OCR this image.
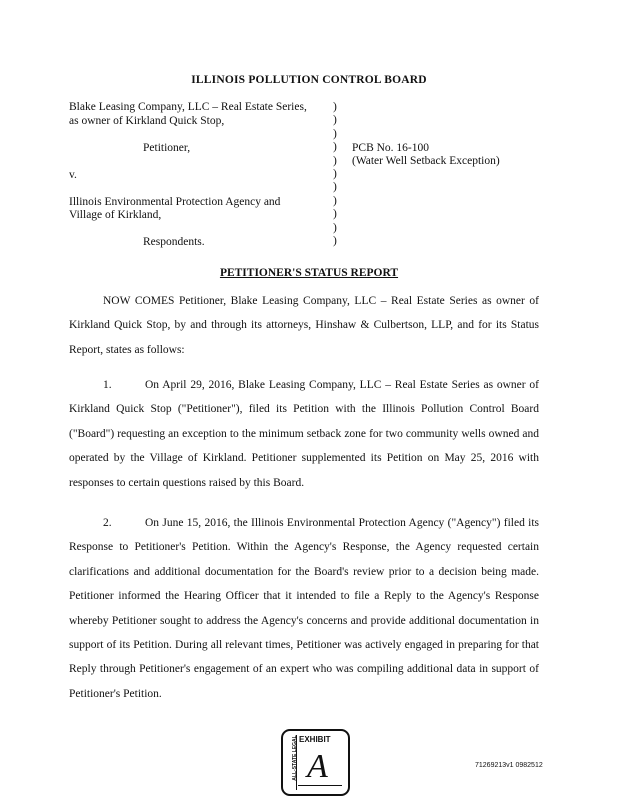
ILLINOIS POLLUTION CONTROL BOARD
Blake Leasing Company, LLC – Real Estate Series,
as owner of Kirkland Quick Stop,
Petitioner,
v.
Illinois Environmental Protection Agency and
Village of Kirkland,
Respondents.
)
)
)
)
)
)
)
)
)
)
)
PCB No. 16-100
(Water Well Setback Exception)
PETITIONER'S STATUS REPORT
NOW COMES Petitioner, Blake Leasing Company, LLC – Real Estate Series as owner of Kirkland Quick Stop, by and through its attorneys, Hinshaw & Culbertson, LLP, and for its Status Report, states as follows:
1.	On April 29, 2016, Blake Leasing Company, LLC – Real Estate Series as owner of Kirkland Quick Stop ("Petitioner"), filed its Petition with the Illinois Pollution Control Board ("Board") requesting an exception to the minimum setback zone for two community wells owned and operated by the Village of Kirkland. Petitioner supplemented its Petition on May 25, 2016 with responses to certain questions raised by this Board.
2.	On June 15, 2016, the Illinois Environmental Protection Agency ("Agency") filed its Response to Petitioner's Petition. Within the Agency's Response, the Agency requested certain clarifications and additional documentation for the Board's review prior to a decision being made. Petitioner informed the Hearing Officer that it intended to file a Reply to the Agency's Response whereby Petitioner sought to address the Agency's concerns and provide additional documentation in support of its Petition. During all relevant times, Petitioner was actively engaged in preparing for that Reply through Petitioner's engagement of an expert who was compiling additional data in support of Petitioner's Petition.
ALL-STATE LEGAL EXHIBIT
A	71269213v1 0982512
